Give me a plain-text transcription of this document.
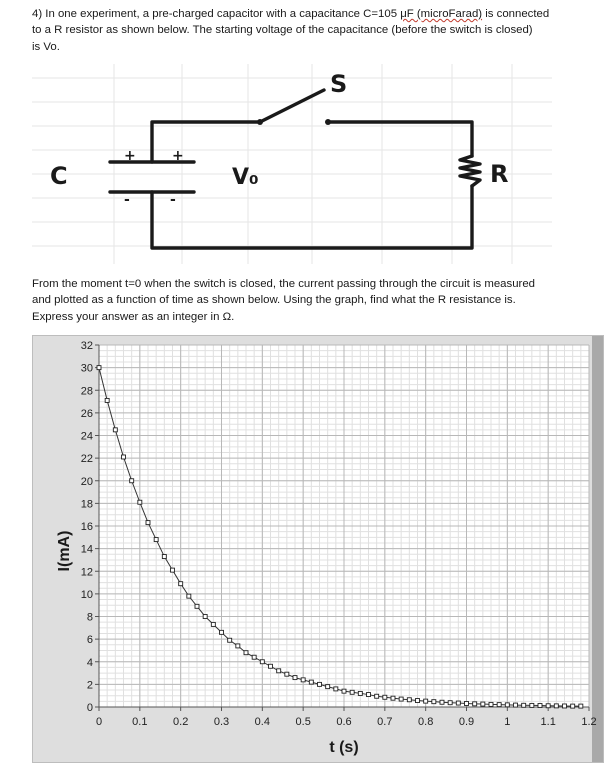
4) In one experiment, a pre-charged capacitor with a capacitance C=105 μF (microFarad) is connected
to a R resistor as shown below. The starting voltage of the capacitance (before the switch is closed)
is Vo.

C
+	+
-	-
V₀
S
R

From the moment t=0 when the switch is closed, the current passing through the circuit is measured
and plotted as a function of time as shown below. Using the graph, find what the R resistance is.
Express your answer as an integer in Ω.

0	0.1 0.2 0.3 0.4 0.5 0.6 0.7 0.8 0.9	1	1.1 1.2
0
2
4
6
8
10
12
14
16
18
20
22
24
26
28
30
32
t (s)
I(mA)
